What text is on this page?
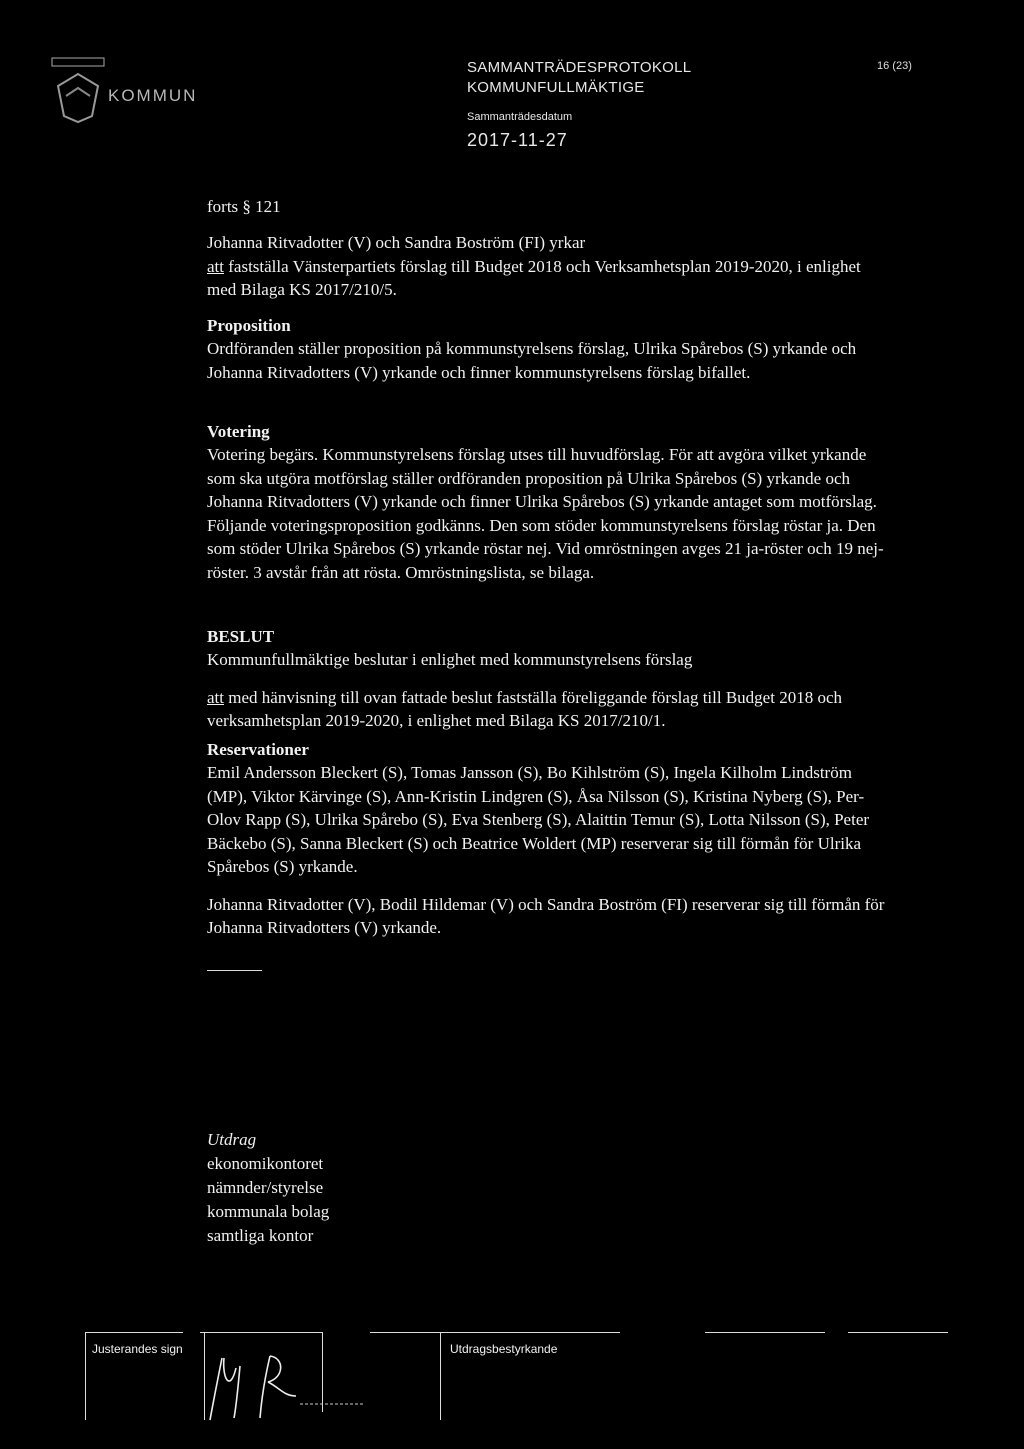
KOMMUN
SAMMANTRÄDESPROTOKOLL
KOMMUNFULLMÄKTIGE
Sammanträdesdatum
2017-11-27
16 (23)
forts § 121

Johanna Ritvadotter (V) och Sandra Boström (FI) yrkar

att fastställa Vänsterpartiets förslag till Budget 2018 och Verksamhetsplan 2019-2020, i enlighet med Bilaga KS 2017/210/5.

Proposition

Ordföranden ställer proposition på kommunstyrelsens förslag, Ulrika Spårebos (S) yrkande och Johanna Ritvadotters (V) yrkande och finner kommunstyrelsens förslag bifallet.

Votering

Votering begärs. Kommunstyrelsens förslag utses till huvudförslag. För att avgöra vilket yrkande som ska utgöra motförslag ställer ordföranden proposition på Ulrika Spårebos (S) yrkande och Johanna Ritvadotters (V) yrkande och finner Ulrika Spårebos (S) yrkande antaget som motförslag. Följande voteringsproposition godkänns. Den som stöder kommunstyrelsens förslag röstar ja. Den som stöder Ulrika Spårebos (S) yrkande röstar nej. Vid omröstningen avges 21 ja-röster och 19 nej-röster. 3 avstår från att rösta. Omröstningslista, se bilaga.

BESLUT

Kommunfullmäktige beslutar i enlighet med kommunstyrelsens förslag

att med hänvisning till ovan fattade beslut fastställa föreliggande förslag till Budget 2018 och verksamhetsplan 2019-2020, i enlighet med Bilaga KS 2017/210/1.

Reservationer

Emil Andersson Bleckert (S), Tomas Jansson (S), Bo Kihlström (S), Ingela Kilholm Lindström (MP), Viktor Kärvinge (S), Ann-Kristin Lindgren (S), Åsa Nilsson (S), Kristina Nyberg (S), Per-Olov Rapp (S), Ulrika Spårebo (S), Eva Stenberg (S), Alaittin Temur (S), Lotta Nilsson (S), Peter Bäckebo (S), Sanna Bleckert (S) och Beatrice Woldert (MP) reserverar sig till förmån för Ulrika Spårebos (S) yrkande.

Johanna Ritvadotter (V), Bodil Hildemar (V) och Sandra Boström (FI) reserverar sig till förmån för Johanna Ritvadotters (V) yrkande.

Utdrag
ekonomikontoret
nämnder/styrelse
kommunala bolag
samtliga kontor
Justerandes sign	Utdragsbestyrkande
